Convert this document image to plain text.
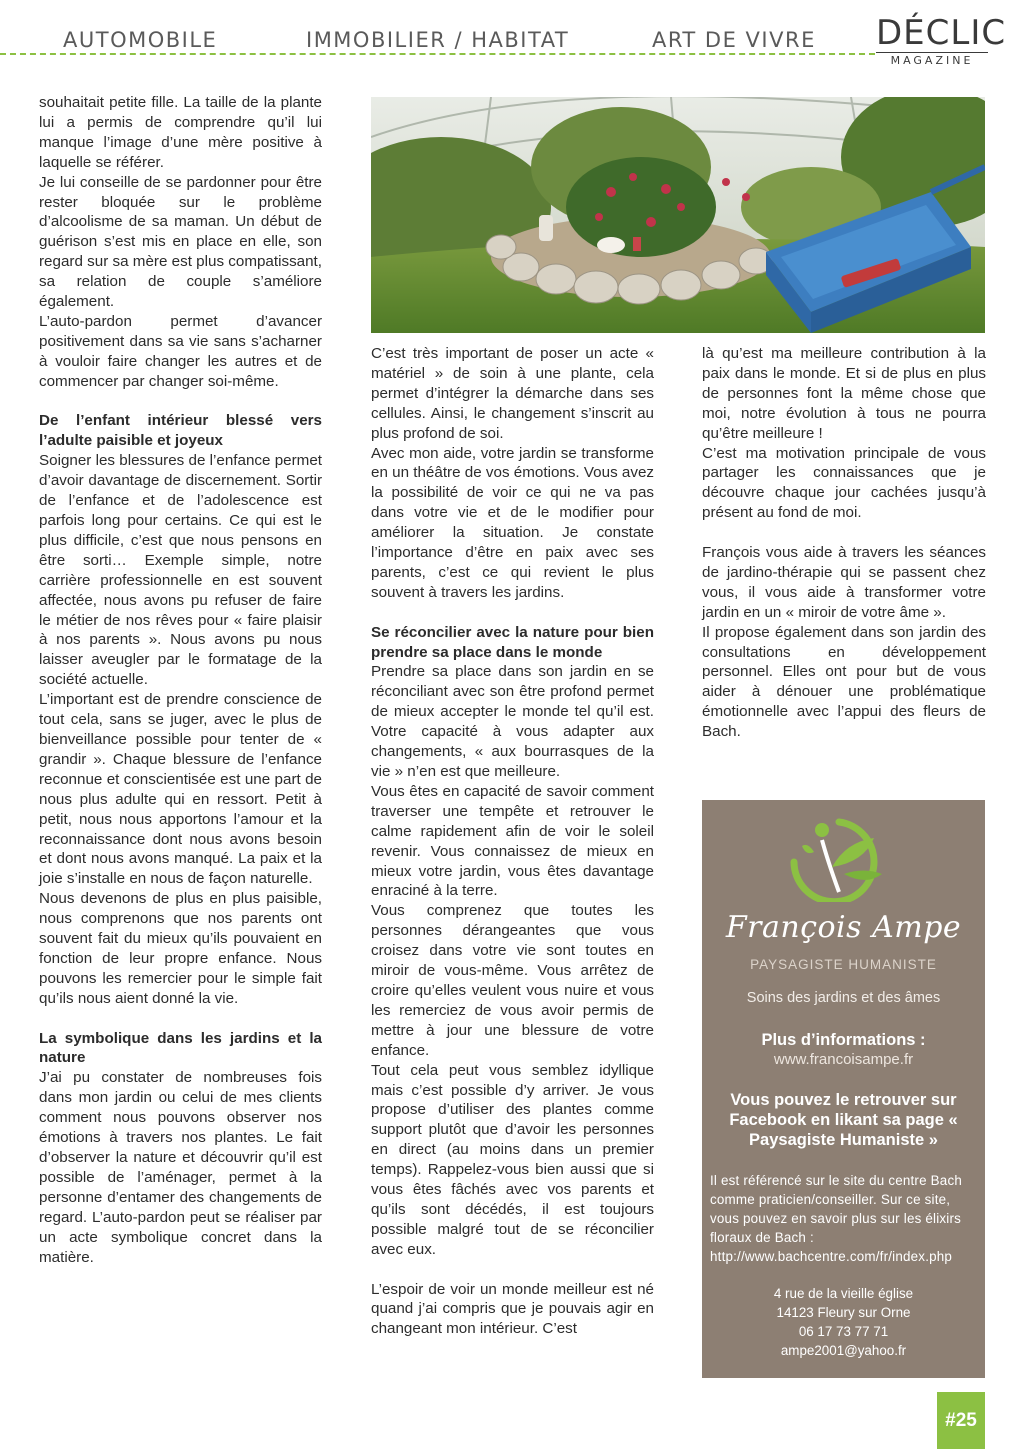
AUTOMOBILE	IMMOBILIER / HABITAT	ART DE VIVRE DÉCLIC
MAGAZINE

souhaitait petite fille. La taille de la plante lui a permis de comprendre qu’il lui manque l’image d’une mère positive à laquelle se référer.

Je lui conseille de se pardonner pour être rester bloquée sur le problème d’alcoolisme de sa maman. Un début de guérison s’est mis en place en elle, son regard sur sa mère est plus compatissant, sa relation de couple s’améliore également.

L’auto-pardon permet d’avancer positivement dans sa vie sans s’acharner à vouloir faire changer les autres et de commencer par changer soi-même.

De l’enfant intérieur blessé vers l’adulte paisible et joyeux

Soigner les blessures de l’enfance permet d’avoir davantage de discernement. Sortir de l’enfance et de l’adolescence est parfois long pour certains. Ce qui est le plus difficile, c’est que nous pensons en être sorti… Exemple simple, notre carrière professionnelle en est souvent affectée, nous avons pu refuser de faire le métier de nos rêves pour « faire plaisir à nos parents ». Nous avons pu nous laisser aveugler par le formatage de la société actuelle.

L’important est de prendre conscience de tout cela, sans se juger, avec le plus de bienveillance possible pour tenter de « grandir ». Chaque blessure de l’enfance reconnue et conscientisée est une part de nous plus adulte qui en ressort. Petit à petit, nous nous apportons l’amour et la reconnaissance dont nous avons besoin et dont nous avons manqué. La paix et la joie s’installe en nous de façon naturelle.

Nous devenons de plus en plus paisible, nous comprenons que nos parents ont souvent fait du mieux qu’ils pouvaient en fonction de leur propre enfance. Nous pouvons les remercier pour le simple fait qu’ils nous aient donné la vie.

La symbolique dans les jardins et la nature

J’ai pu constater de nombreuses fois dans mon jardin ou celui de mes clients comment nous pouvons observer nos émotions à travers nos plantes. Le fait d’observer la nature et découvrir qu’il est possible de l’aménager, permet à la personne d’entamer des changements de regard. L’auto-pardon peut se réaliser par un acte symbolique concret dans la matière.

C’est très important de poser un acte « matériel » de soin à une plante, cela permet d’intégrer la démarche dans ses cellules. Ainsi, le changement s’inscrit au plus profond de soi.

Avec mon aide, votre jardin se transforme en un théâtre de vos émotions. Vous avez la possibilité de voir ce qui ne va pas dans votre vie et de le modifier pour améliorer la situation. Je constate l’importance d’être en paix avec ses parents, c’est ce qui revient le plus souvent à travers les jardins.

Se réconcilier avec la nature pour bien prendre sa place dans le monde

Prendre sa place dans son jardin en se réconciliant avec son être profond permet de mieux accepter le monde tel qu’il est. Votre capacité à vous adapter aux changements, « aux bourrasques de la vie » n’en est que meilleure.

Vous êtes en capacité de savoir comment traverser une tempête et retrouver le calme rapidement afin de voir le soleil revenir. Vous connaissez de mieux en mieux votre jardin, vous êtes davantage enraciné à la terre.

Vous comprenez que toutes les personnes dérangeantes que vous croisez dans votre vie sont toutes en miroir de vous-même. Vous arrêtez de croire qu’elles veulent vous nuire et vous les remerciez de vous avoir permis de mettre à jour une blessure de votre enfance.

Tout cela peut vous semblez idyllique mais c’est possible d’y arriver. Je vous propose d’utiliser des plantes comme support plutôt que d’avoir les personnes en direct (au moins dans un premier temps). Rappelez-vous bien aussi que si vous êtes fâchés avec vos parents et qu’ils sont décédés, il est toujours possible malgré tout de se réconcilier avec eux.

L’espoir de voir un monde meilleur est né quand j’ai compris que je pouvais agir en changeant mon intérieur. C’est

là qu’est ma meilleure contribution à la paix dans le monde. Et si de plus en plus de personnes font la même chose que moi, notre évolution à tous ne pourra qu’être meilleure !

C’est ma motivation principale de vous partager les connaissances que je découvre chaque jour cachées jusqu’à présent au fond de moi.

François vous aide à travers les séances de jardino-thérapie qui se passent chez vous, il vous aide à transformer votre jardin en un « miroir de votre âme ».

Il propose également dans son jardin des consultations en développement personnel. Elles ont pour but de vous aider à dénouer une problématique émotionnelle avec l’appui des fleurs de Bach.

François Ampe
PAYSAGISTE HUMANISTE
Soins des jardins et des âmes
Plus d’informations :
www.francoisampe.fr
Vous pouvez le retrouver sur Facebook en likant sa page « Paysagiste Humaniste »
Il est référencé sur le site du centre Bach comme praticien/conseiller. Sur ce site, vous pouvez en savoir plus sur les élixirs floraux de Bach : http://www.bachcentre.com/fr/index.php
4 rue de la vieille église
14123 Fleury sur Orne
06 17 73 77 71
ampe2001@yahoo.fr
#25
